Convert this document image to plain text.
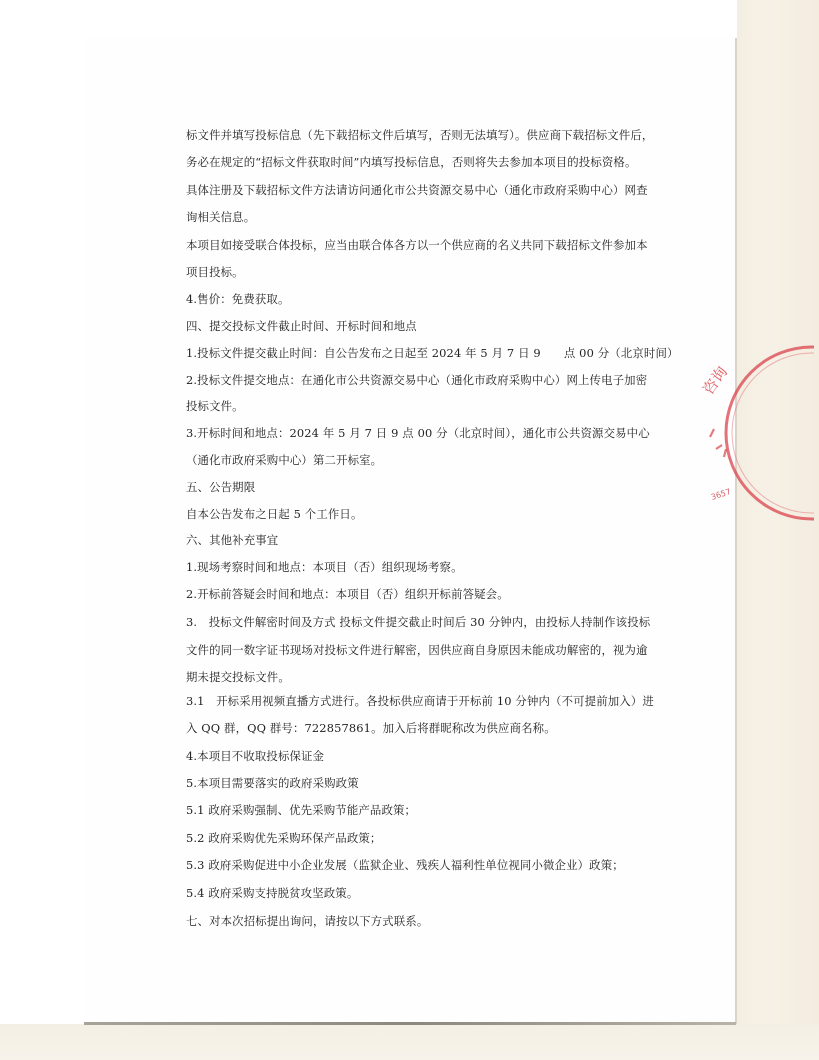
标文件并填写投标信息（先下载招标文件后填写，否则无法填写）。供应商下载招标文件后，
务必在规定的“招标文件获取时间”内填写投标信息，否则将失去参加本项目的投标资格。
具体注册及下载招标文件方法请访问通化市公共资源交易中心（通化市政府采购中心）网查
询相关信息。
本项目如接受联合体投标，应当由联合体各方以一个供应商的名义共同下载招标文件参加本
项目投标。
4.售价：免费获取。
四、提交投标文件截止时间、开标时间和地点
1.投标文件提交截止时间：自公告发布之日起至 2024 年 5 月 7 日 9　　点 00 分（北京时间）
2.投标文件提交地点：在通化市公共资源交易中心（通化市政府采购中心）网上传电子加密
投标文件。
3.开标时间和地点：2024 年 5 月 7 日 9 点 00 分（北京时间），通化市公共资源交易中心
（通化市政府采购中心）第二开标室。
五、公告期限
自本公告发布之日起 5 个工作日。
六、其他补充事宜
1.现场考察时间和地点：本项目（否）组织现场考察。
2.开标前答疑会时间和地点：本项目（否）组织开标前答疑会。
3.　投标文件解密时间及方式 投标文件提交截止时间后 30 分钟内，由投标人持制作该投标
文件的同一数字证书现场对投标文件进行解密，因供应商自身原因未能成功解密的，视为逾
期未提交投标文件。
3.1　开标采用视频直播方式进行。各投标供应商请于开标前 10 分钟内（不可提前加入）进
入 QQ 群，QQ 群号：722857861。加入后将群昵称改为供应商名称。
4.本项目不收取投标保证金
5.本项目需要落实的政府采购政策
5.1 政府采购强制、优先采购节能产品政策；
5.2 政府采购优先采购环保产品政策；
5.3 政府采购促进中小企业发展（监狱企业、残疾人福利性单位视同小微企业）政策；
5.4 政府采购支持脱贫攻坚政策。
七、对本次招标提出询问，请按以下方式联系。
咨询
3657
